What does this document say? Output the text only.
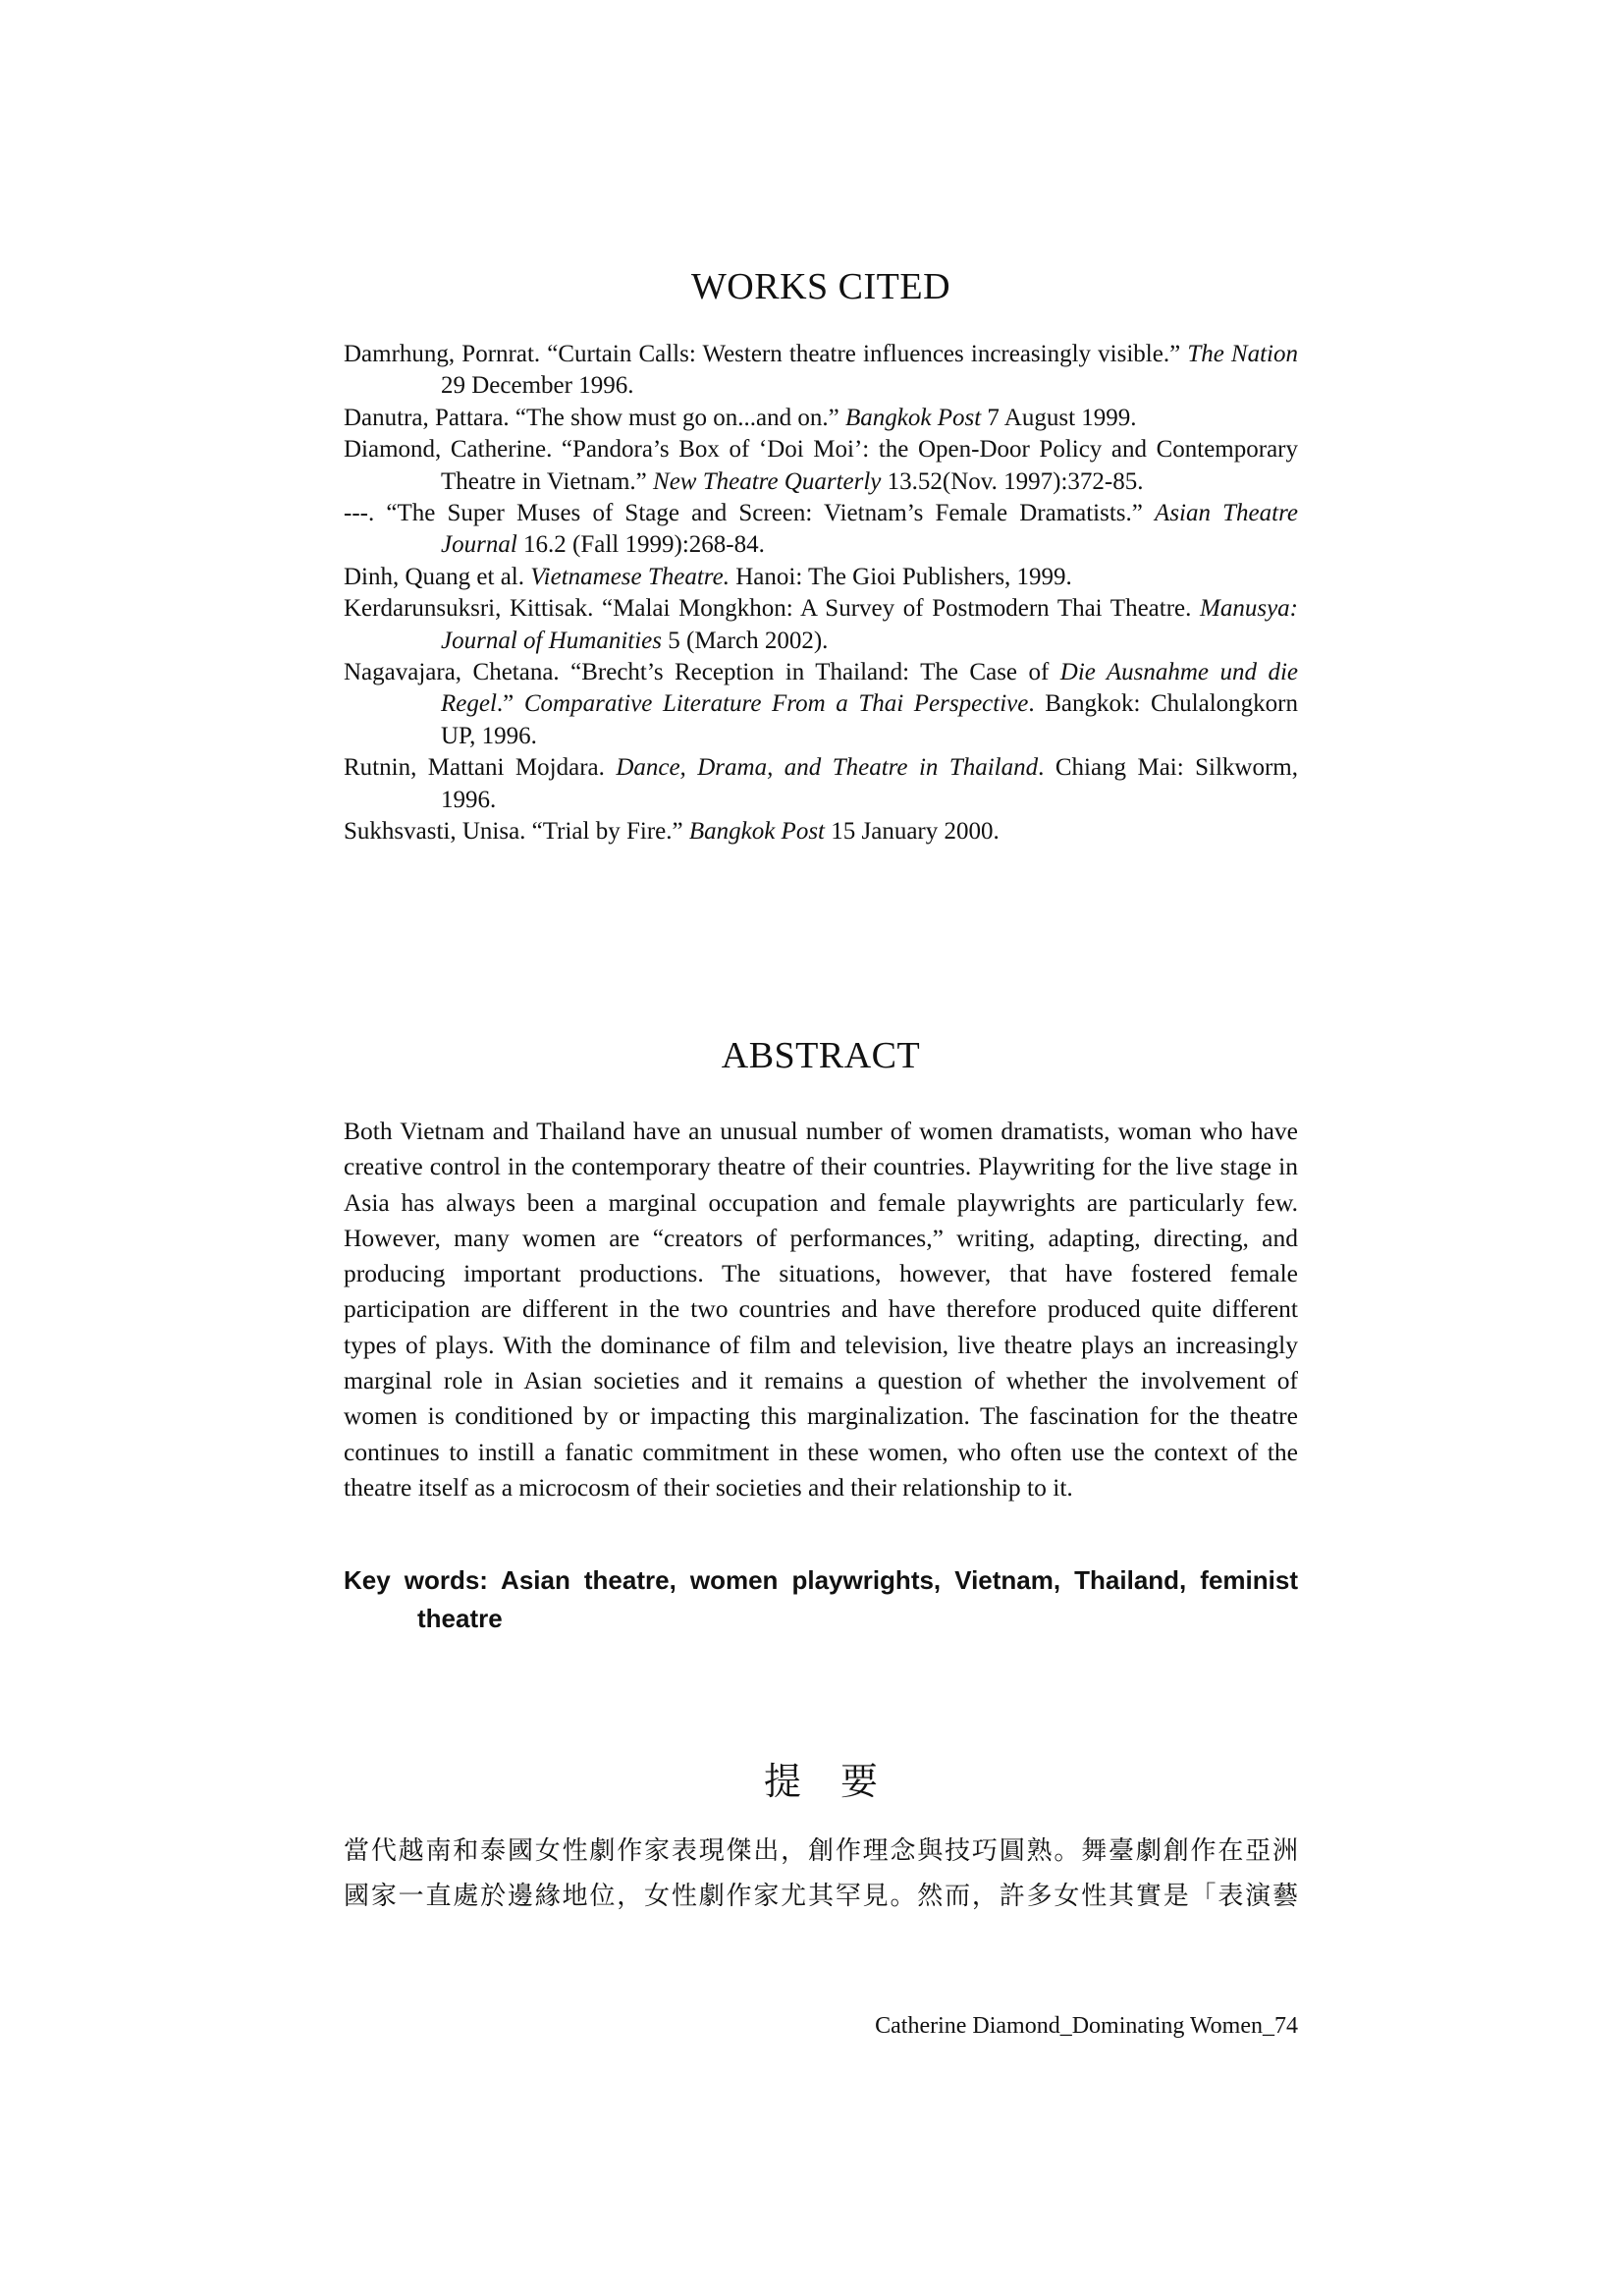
WORKS CITED

Damrhung, Pornrat. “Curtain Calls: Western theatre influences increasingly visible.” The Nation 29 December 1996.

Danutra, Pattara. “The show must go on...and on.” Bangkok Post 7 August 1999.

Diamond, Catherine. “Pandora’s Box of ‘Doi Moi’: the Open-Door Policy and Contemporary Theatre in Vietnam.” New Theatre Quarterly 13.52(Nov. 1997):372-85.

---. “The Super Muses of Stage and Screen: Vietnam’s Female Dramatists.” Asian Theatre Journal 16.2 (Fall 1999):268-84.

Dinh, Quang et al. Vietnamese Theatre. Hanoi: The Gioi Publishers, 1999.

Kerdarunsuksri, Kittisak. “Malai Mongkhon: A Survey of Postmodern Thai Theatre. Manusya: Journal of Humanities 5 (March 2002).

Nagavajara, Chetana. “Brecht’s Reception in Thailand: The Case of Die Ausnahme und die Regel.” Comparative Literature From a Thai Perspective. Bangkok: Chulalongkorn UP, 1996.

Rutnin, Mattani Mojdara. Dance, Drama, and Theatre in Thailand. Chiang Mai: Silkworm, 1996.

Sukhsvasti, Unisa. “Trial by Fire.” Bangkok Post 15 January 2000.

ABSTRACT

Both Vietnam and Thailand have an unusual number of women dramatists, woman who have creative control in the contemporary theatre of their countries. Playwriting for the live stage in Asia has always been a marginal occupation and female playwrights are particularly few. However, many women are “creators of performances,” writing, adapting, directing, and producing important productions. The situations, however, that have fostered female participation are different in the two countries and have therefore produced quite different types of plays. With the dominance of film and television, live theatre plays an increasingly marginal role in Asian societies and it remains a question of whether the involvement of women is conditioned by or impacting this marginalization. The fascination for the theatre continues to instill a fanatic commitment in these women, who often use the context of the theatre itself as a microcosm of their societies and their relationship to it.

Key words: Asian theatre, women playwrights, Vietnam, Thailand, feminist theatre

提要
當代越南和泰國女性劇作家表現傑出，創作理念與技巧圓熟。舞臺劇創作在亞洲
國家一直處於邊緣地位，女性劇作家尤其罕見。然而，許多女性其實是「表演藝

Catherine Diamond_Dominating Women_74
